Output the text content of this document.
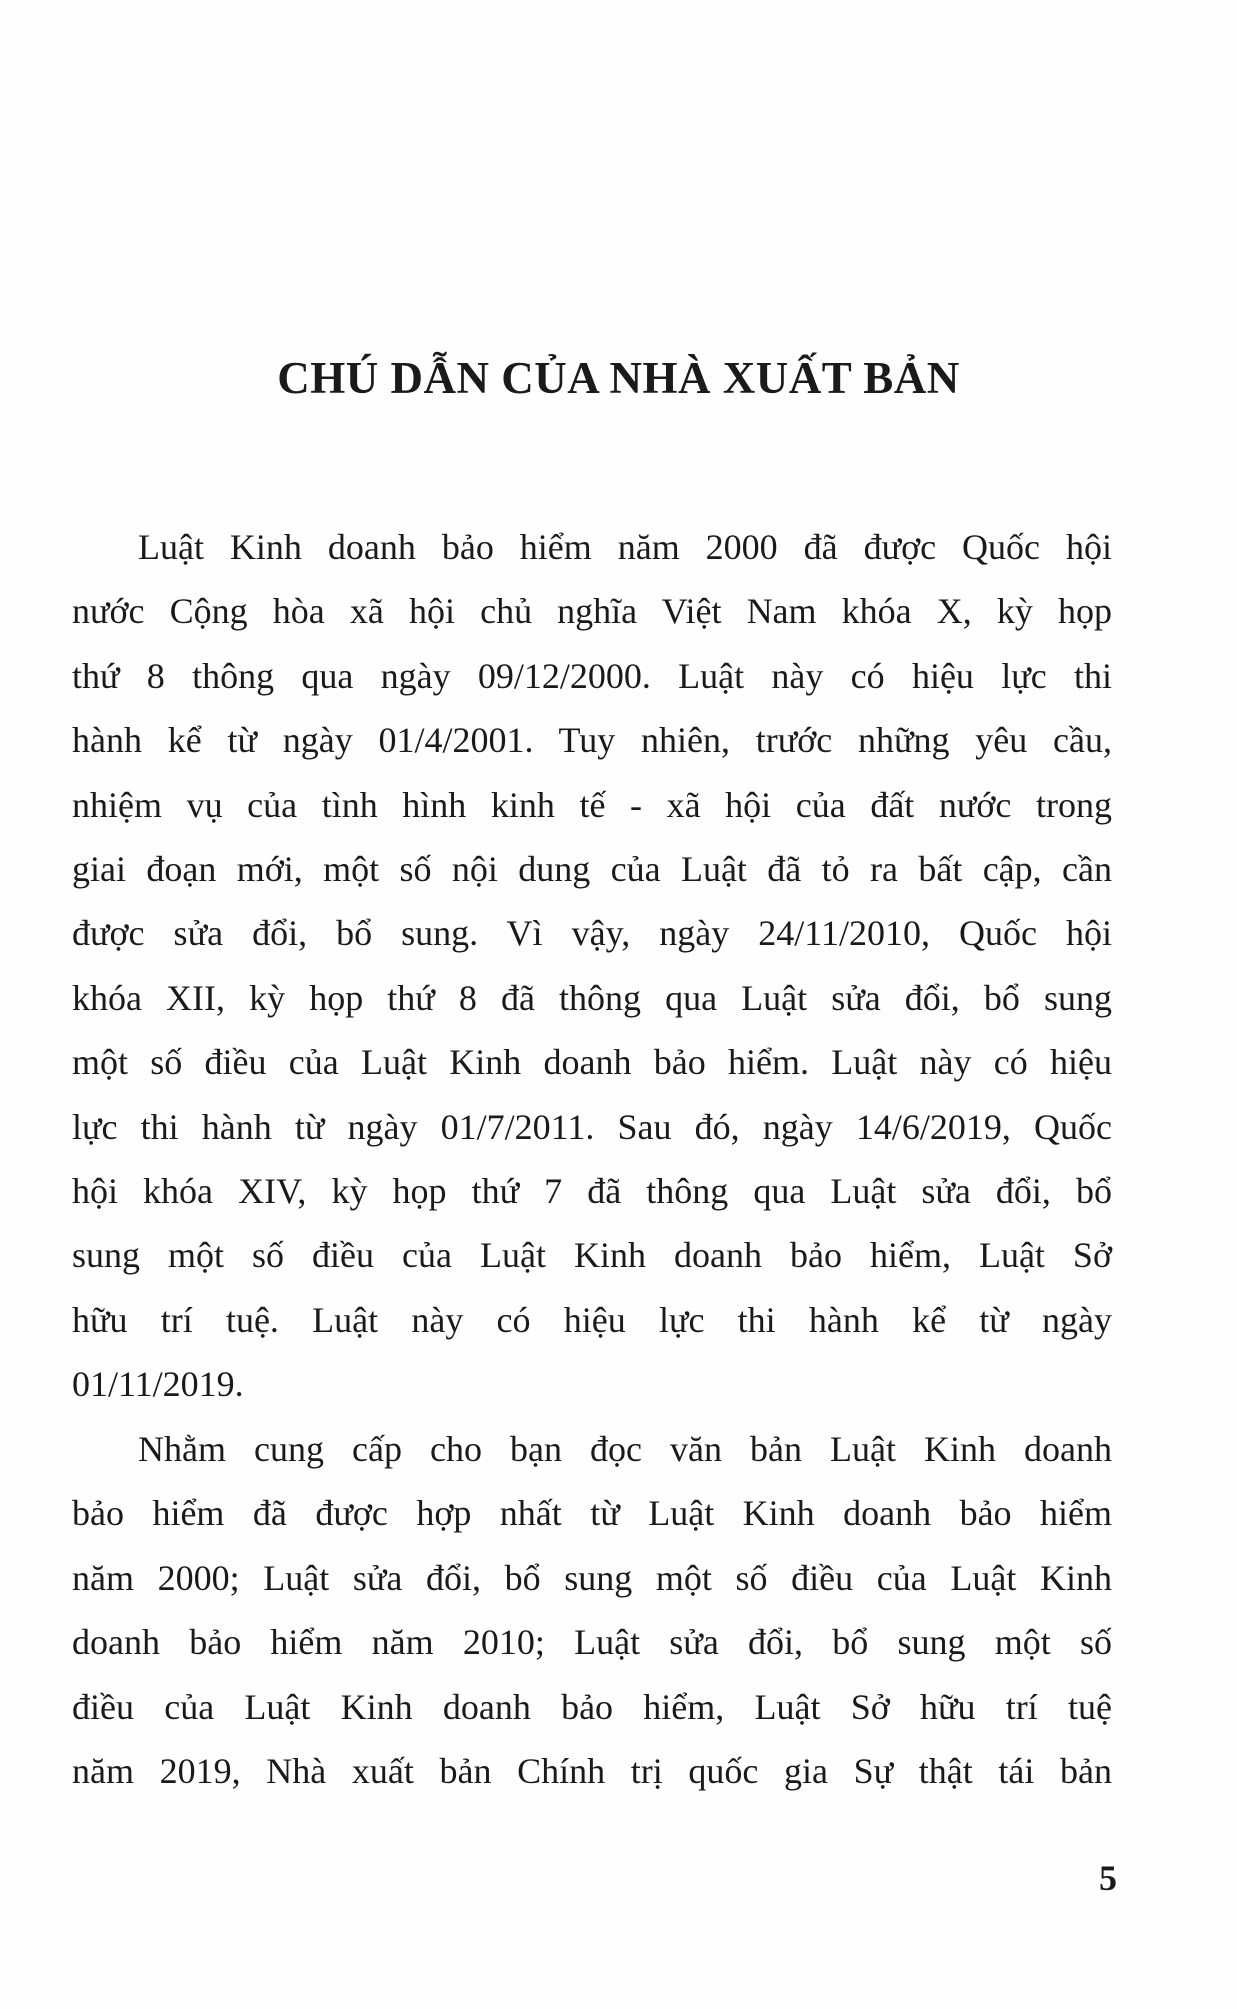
CHÚ DẪN CỦA NHÀ XUẤT BẢN
Luật Kinh doanh bảo hiểm năm 2000 đã được Quốc hội
nước Cộng hòa xã hội chủ nghĩa Việt Nam khóa X, kỳ họp
thứ 8 thông qua ngày 09/12/2000. Luật này có hiệu lực thi
hành kể từ ngày 01/4/2001. Tuy nhiên, trước những yêu cầu,
nhiệm vụ của tình hình kinh tế - xã hội của đất nước trong
giai đoạn mới, một số nội dung của Luật đã tỏ ra bất cập, cần
được sửa đổi, bổ sung. Vì vậy, ngày 24/11/2010, Quốc hội
khóa XII, kỳ họp thứ 8 đã thông qua Luật sửa đổi, bổ sung
một số điều của Luật Kinh doanh bảo hiểm. Luật này có hiệu
lực thi hành từ ngày 01/7/2011. Sau đó, ngày 14/6/2019, Quốc
hội khóa XIV, kỳ họp thứ 7 đã thông qua Luật sửa đổi, bổ
sung một số điều của Luật Kinh doanh bảo hiểm, Luật Sở
hữu trí tuệ. Luật này có hiệu lực thi hành kể từ ngày
01/11/2019.
Nhằm cung cấp cho bạn đọc văn bản Luật Kinh doanh
bảo hiểm đã được hợp nhất từ Luật Kinh doanh bảo hiểm
năm 2000; Luật sửa đổi, bổ sung một số điều của Luật Kinh
doanh bảo hiểm năm 2010; Luật sửa đổi, bổ sung một số
điều của Luật Kinh doanh bảo hiểm, Luật Sở hữu trí tuệ
năm 2019, Nhà xuất bản Chính trị quốc gia Sự thật tái bản
5
